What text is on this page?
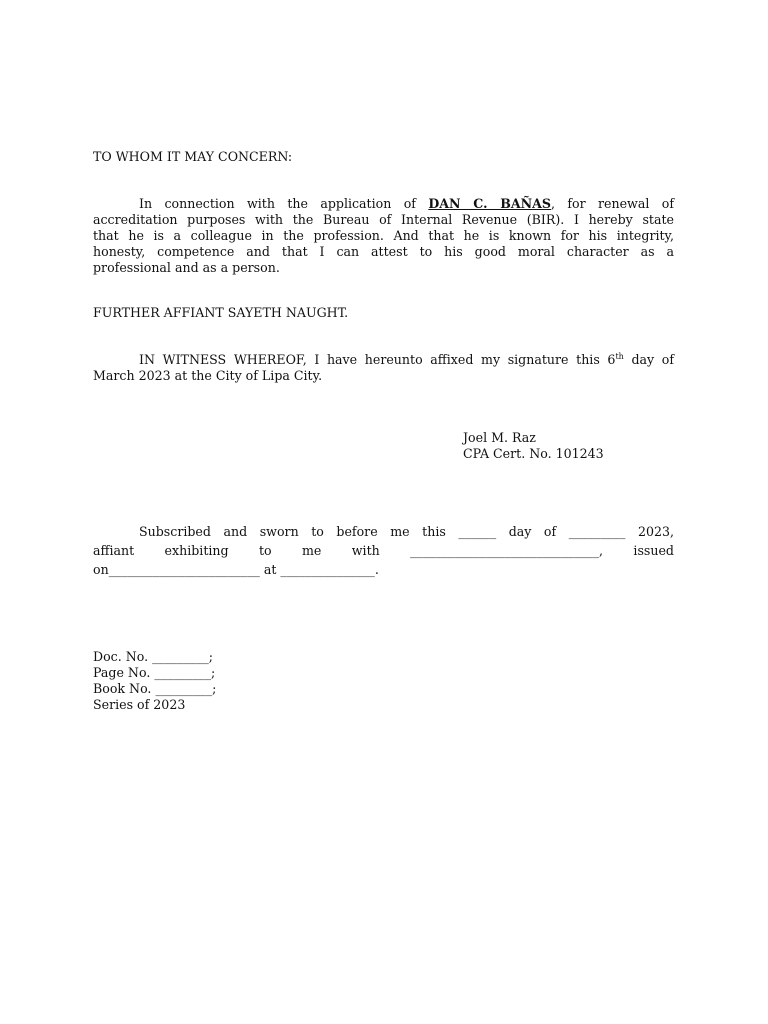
TO WHOM IT MAY CONCERN:
In connection with the application of DAN C. BAÑAS, for renewal of
accreditation purposes with the Bureau of Internal Revenue (BIR). I hereby state
that he is a colleague in the profession. And that he is known for his integrity,
honesty, competence and that I can attest to his good moral character as a
professional and as a person.
FURTHER AFFIANT SAYETH NAUGHT.
IN WITNESS WHEREOF, I have hereunto affixed my signature this 6th day of
March 2023 at the City of Lipa City.
Joel M. Raz
CPA Cert. No. 101243
Subscribed and sworn to before me this ______ day of _________ 2023,
affiant exhibiting to me with ______________________________, issued
on________________________ at _______________.
Doc. No. _________;
Page No. _________;
Book No. _________;
Series of 2023
